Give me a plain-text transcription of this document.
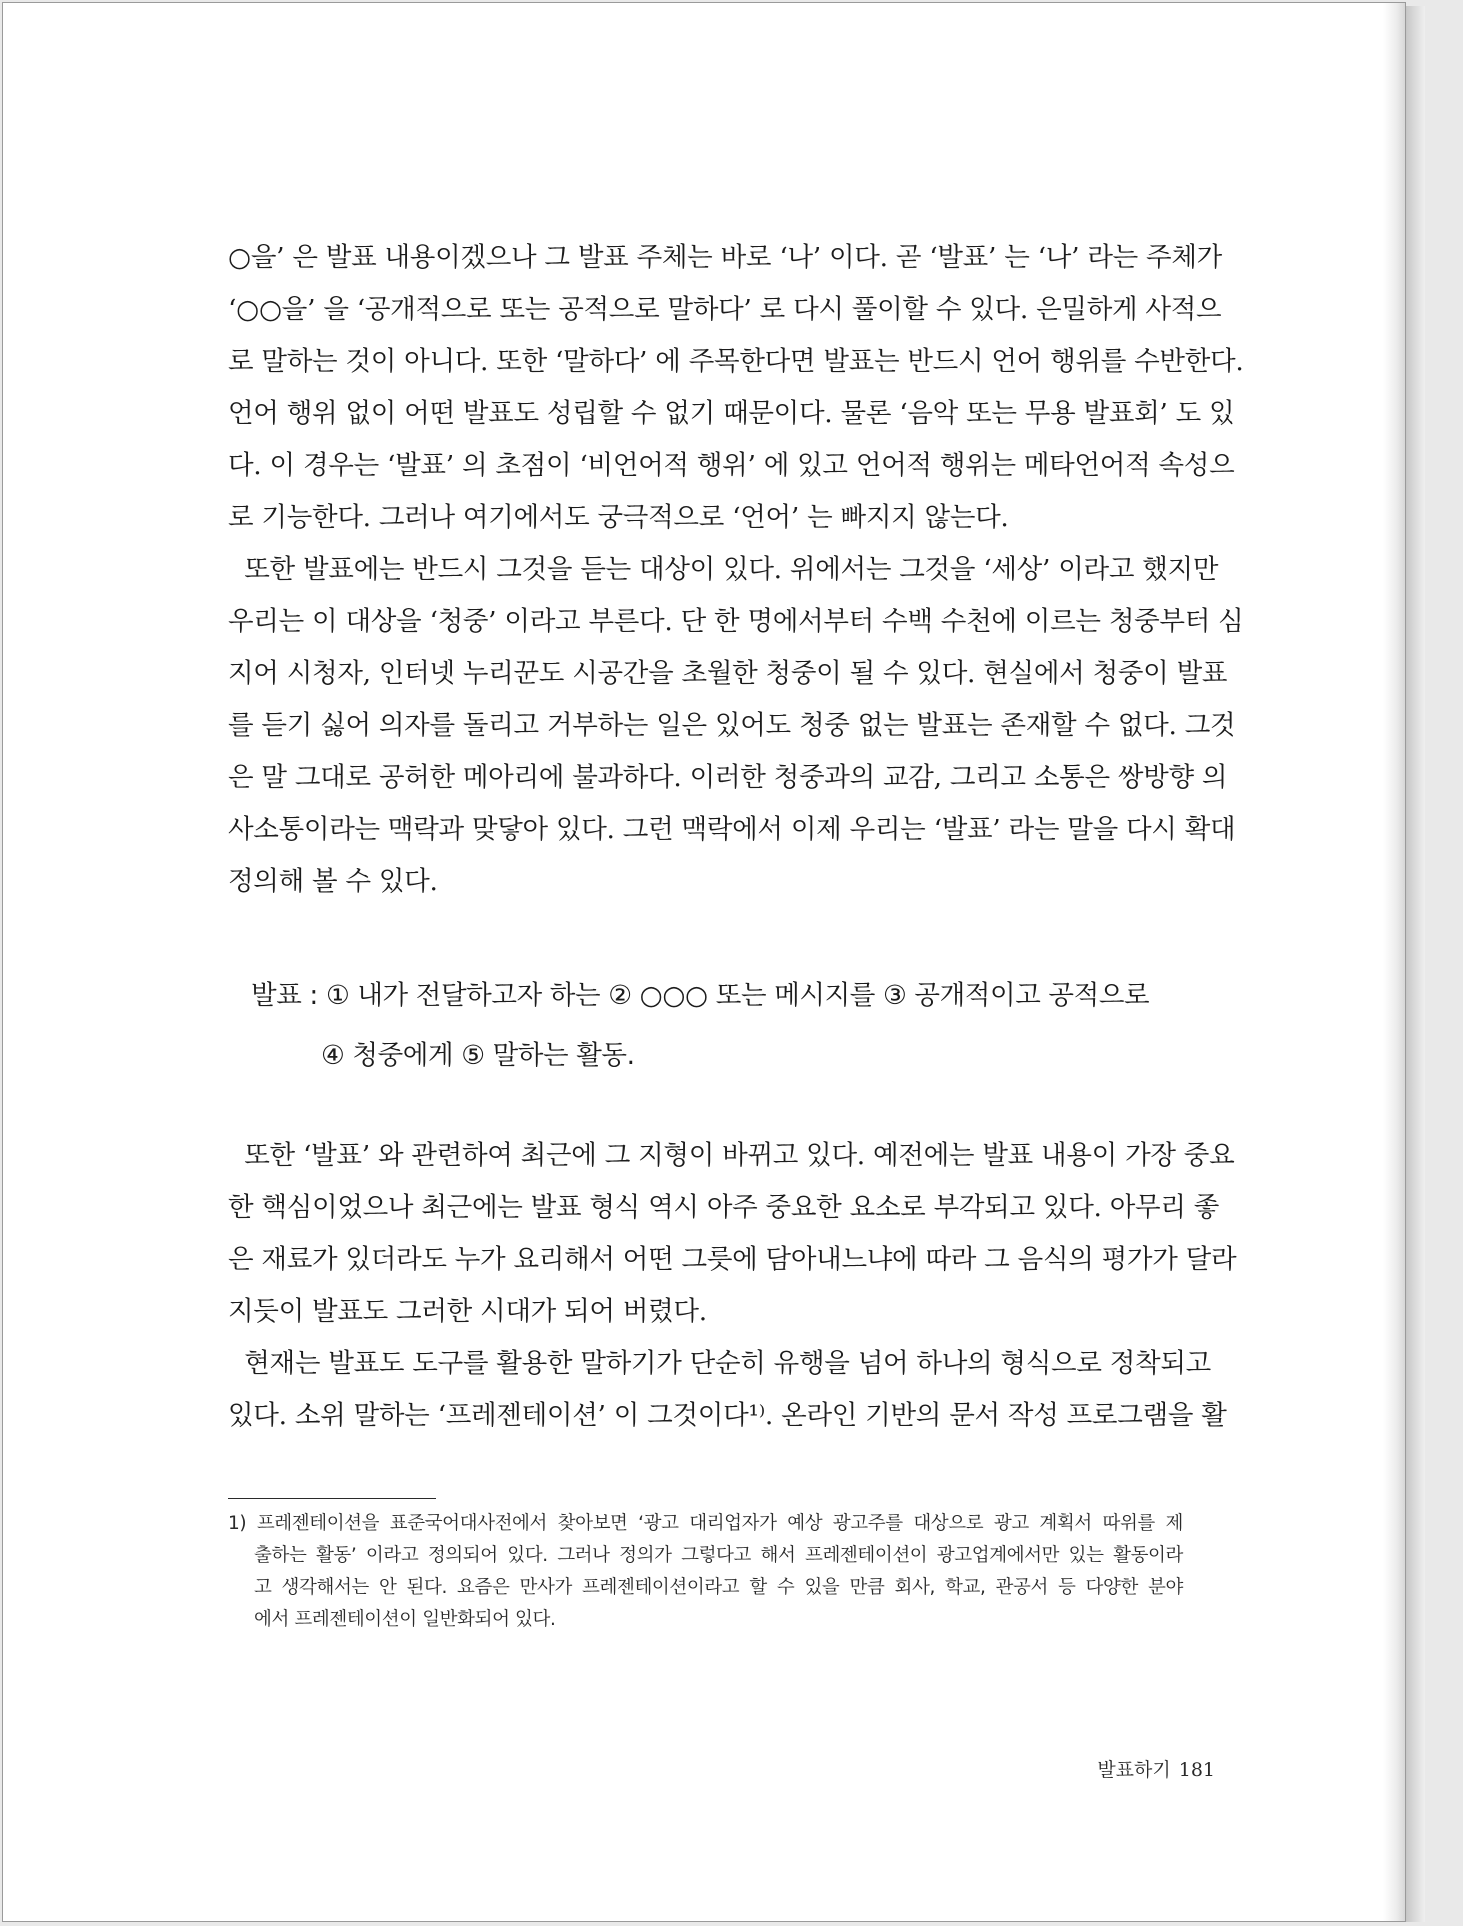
○을’ 은 발표 내용이겠으나 그 발표 주체는 바로 ‘나’ 이다. 곧 ‘발표’ 는 ‘나’ 라는 주체가
‘○○을’ 을 ‘공개적으로 또는 공적으로 말하다’ 로 다시 풀이할 수 있다. 은밀하게 사적으
로 말하는 것이 아니다. 또한 ‘말하다’ 에 주목한다면 발표는 반드시 언어 행위를 수반한다.
언어 행위 없이 어떤 발표도 성립할 수 없기 때문이다. 물론 ‘음악 또는 무용 발표회’ 도 있
다. 이 경우는 ‘발표’ 의 초점이 ‘비언어적 행위’ 에 있고 언어적 행위는 메타언어적 속성으
로 기능한다. 그러나 여기에서도 궁극적으로 ‘언어’ 는 빠지지 않는다.
또한 발표에는 반드시 그것을 듣는 대상이 있다. 위에서는 그것을 ‘세상’ 이라고 했지만
우리는 이 대상을 ‘청중’ 이라고 부른다. 단 한 명에서부터 수백 수천에 이르는 청중부터 심
지어 시청자, 인터넷 누리꾼도 시공간을 초월한 청중이 될 수 있다. 현실에서 청중이 발표
를 듣기 싫어 의자를 돌리고 거부하는 일은 있어도 청중 없는 발표는 존재할 수 없다. 그것
은 말 그대로 공허한 메아리에 불과하다. 이러한 청중과의 교감, 그리고 소통은 쌍방향 의
사소통이라는 맥락과 맞닿아 있다. 그런 맥락에서 이제 우리는 ‘발표’ 라는 말을 다시 확대
정의해 볼 수 있다.
발표 : ① 내가 전달하고자 하는 ② ○○○ 또는 메시지를 ③ 공개적이고 공적으로
④ 청중에게 ⑤ 말하는 활동.
또한 ‘발표’ 와 관련하여 최근에 그 지형이 바뀌고 있다. 예전에는 발표 내용이 가장 중요
한 핵심이었으나 최근에는 발표 형식 역시 아주 중요한 요소로 부각되고 있다. 아무리 좋
은 재료가 있더라도 누가 요리해서 어떤 그릇에 담아내느냐에 따라 그 음식의 평가가 달라
지듯이 발표도 그러한 시대가 되어 버렸다.
현재는 발표도 도구를 활용한 말하기가 단순히 유행을 넘어 하나의 형식으로 정착되고
있다. 소위 말하는 ‘프레젠테이션’ 이 그것이다¹⁾. 온라인 기반의 문서 작성 프로그램을 활
1) 프레젠테이션을 표준국어대사전에서 찾아보면 ‘광고 대리업자가 예상 광고주를 대상으로 광고 계획서 따위를 제
출하는 활동’ 이라고 정의되어 있다. 그러나 정의가 그렇다고 해서 프레젠테이션이 광고업계에서만 있는 활동이라
고 생각해서는 안 된다. 요즘은 만사가 프레젠테이션이라고 할 수 있을 만큼 회사, 학교, 관공서 등 다양한 분야
에서 프레젠테이션이 일반화되어 있다.
발표하기 181
